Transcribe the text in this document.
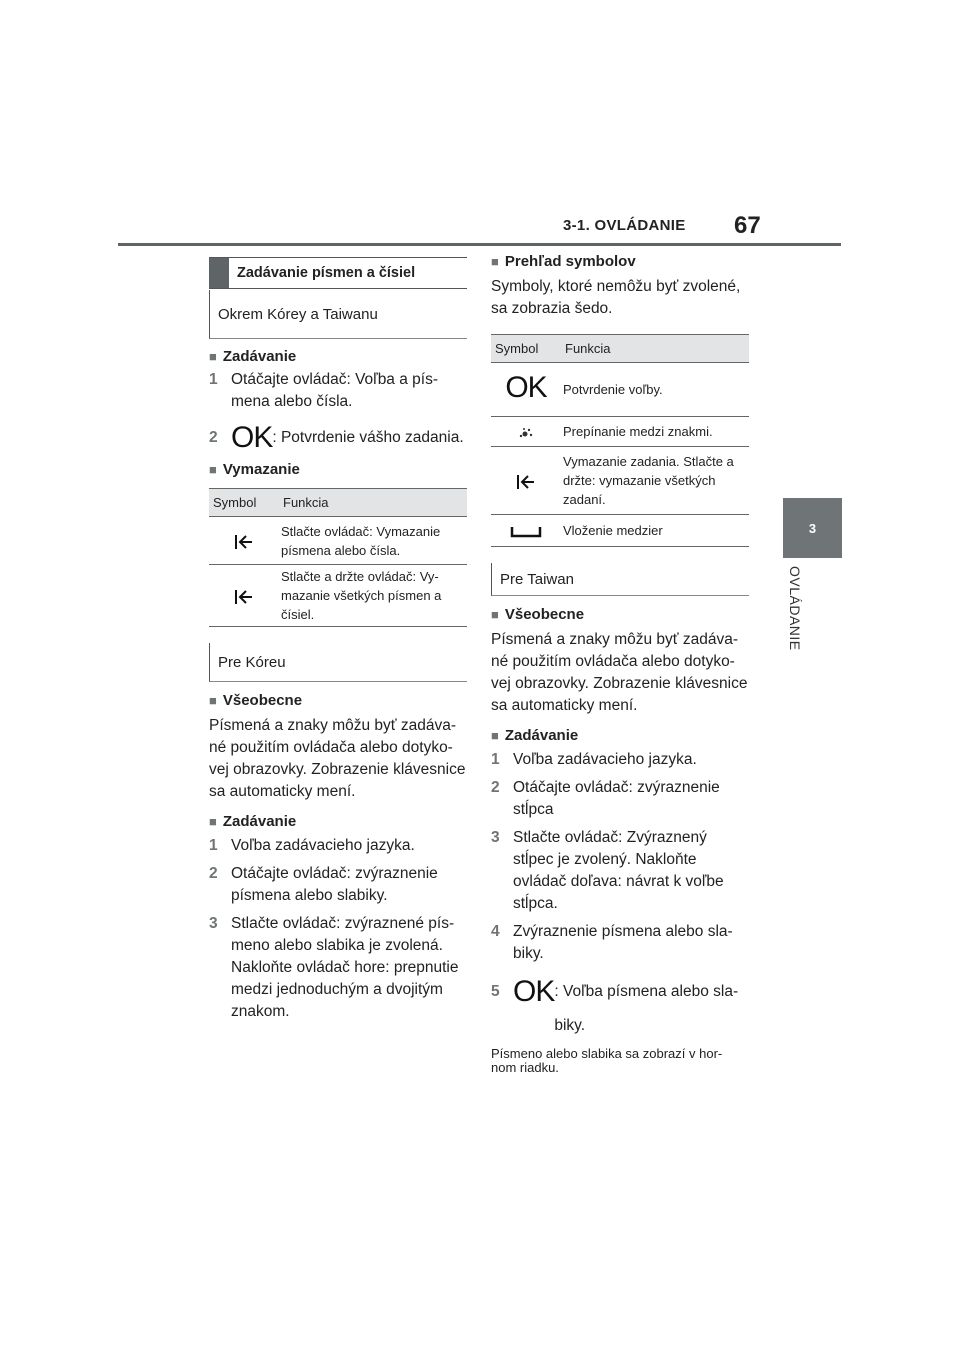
3-1. OVLÁDANIE 67
3
OVLÁDANIE
Zadávanie písmen a čísiel
Okrem Kórey a Taiwanu

■ Zadávanie

1 Otáčajte ovládač: Voľba a pís- mena alebo čísla.
2 OK : Potvrdenie vášho zadania.

■ Vymazanie

Symbol	Funkcia
	Stlačte ovládač: Vymazanie písmena alebo čísla.
	Stlačte a držte ovládač: Vy- mazanie všetkých písmen a čísiel.
Pre Kóreu

■ Všeobecne

Písmená a znaky môžu byť zadáva- né použitím ovládača alebo dotyko- vej obrazovky. Zobrazenie klávesnice sa automaticky mení.

■ Zadávanie

1 Voľba zadávacieho jazyka.
2 Otáčajte ovládač: zvýraznenie písmena alebo slabiky.
3 Stlačte ovládač: zvýraznené pís- meno alebo slabika je zvolená. Nakloňte ovládač hore: prepnutie medzi jednoduchým a dvojitým znakom.

■ Prehľad symbolov

Symboly, ktoré nemôžu byť zvolené, sa zobrazia šedo.

Symbol	Funkcia
OK	Potvrdenie voľby.
	Prepínanie medzi znakmi.
	Vymazanie zadania. Stlačte a držte: vymazanie všetkých zadaní.
	Vloženie medzier
Pre Taiwan

■ Všeobecne

Písmená a znaky môžu byť zadáva- né použitím ovládača alebo dotyko- vej obrazovky. Zobrazenie klávesnice sa automaticky mení.

■ Zadávanie

1 Voľba zadávacieho jazyka.
2 Otáčajte ovládač: zvýraznenie stĺpca
3 Stlačte ovládač: Zvýraznený stĺpec je zvolený. Nakloňte ovládač doľava: návrat k voľbe stĺpca.
4 Zvýraznenie písmena alebo sla- biky.
5 OK : Voľba písmena alebo sla- biky.

Písmeno alebo slabika sa zobrazí v hor- nom riadku.
